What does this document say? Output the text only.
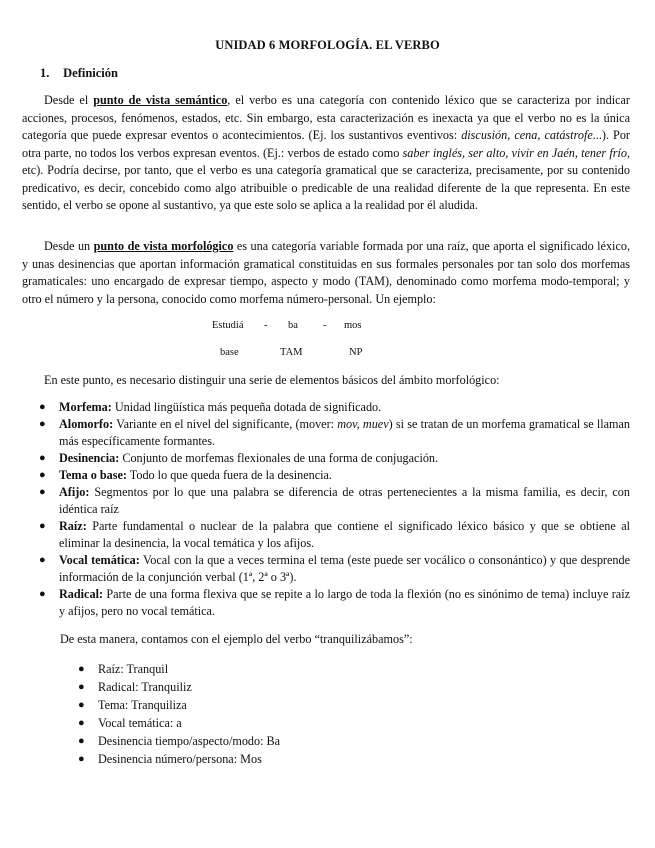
UNIDAD 6 MORFOLOGÍA. EL VERBO
1. Definición

Desde el punto de vista semántico, el verbo es una categoría con contenido léxico que se caracteriza por indicar acciones, procesos, fenómenos, estados, etc. Sin embargo, esta caracterización es inexacta ya que el verbo no es la única categoría que puede expresar eventos o acontecimientos. (Ej. los sustantivos eventivos: discusión, cena, catástrofe...). Por otra parte, no todos los verbos expresan eventos. (Ej.: verbos de estado como saber inglés, ser alto, vivir en Jaén, tener frío, etc). Podría decirse, por tanto, que el verbo es una categoría gramatical que se caracteriza, precisamente, por su contenido predicativo, es decir, concebido como algo atribuible o predicable de una realidad diferente de la que representa. En este sentido, el verbo se opone al sustantivo, ya que este solo se aplica a la realidad por él aludida.

Desde un punto de vista morfológico es una categoría variable formada por una raíz, que aporta el significado léxico, y unas desinencias que aportan información gramatical constituidas en sus formales personales por tan solo dos morfemas gramaticales: uno encargado de expresar tiempo, aspecto y modo (TAM), denominado como morfema modo-temporal; y otro el número y la persona, conocido como morfema número-personal. Un ejemplo:

Estudiá - ba - mos
base	TAM	NP

En este punto, es necesario distinguir una serie de elementos básicos del ámbito morfológico:

● Morfema: Unidad lingüística más pequeña dotada de significado.
● Alomorfo: Variante en el nivel del significante, (mover: mov, muev) si se tratan de un morfema gramatical se llaman más específicamente formantes.
● Desinencia: Conjunto de morfemas flexionales de una forma de conjugación.
● Tema o base: Todo lo que queda fuera de la desinencia.
● Afijo: Segmentos por lo que una palabra se diferencia de otras pertenecientes a la misma familia, es decir, con idéntica raíz
● Raíz: Parte fundamental o nuclear de la palabra que contiene el significado léxico básico y que se obtiene al eliminar la desinencia, la vocal temática y los afijos.
● Vocal temática: Vocal con la que a veces termina el tema (este puede ser vocálico o consonántico) y que desprende información de la conjunción verbal (1ª, 2ª o 3ª).
● Radical: Parte de una forma flexiva que se repite a lo largo de toda la flexión (no es sinónimo de tema) incluye raíz y afijos, pero no vocal temática.
De esta manera, contamos con el ejemplo del verbo “tranquilizábamos”:
● Raíz: Tranquil
● Radical: Tranquiliz
● Tema: Tranquiliza
● Vocal temática: a
● Desinencia tiempo/aspecto/modo: Ba
● Desinencia número/persona: Mos
